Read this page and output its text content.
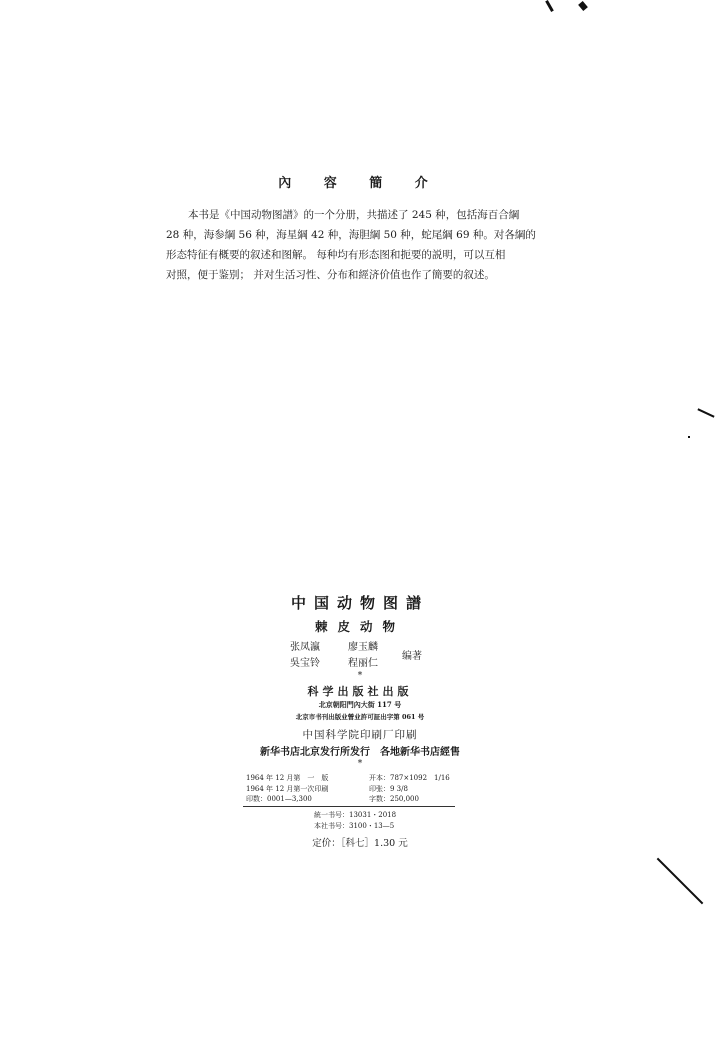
內 容 簡 介
本书是《中国动物图譜》的一个分册，共描述了 245 种，包括海百合綱
28 种，海参綱 56 种，海星綱 42 种，海胆綱 50 种，蛇尾綱 69 种。对各綱的
形态特征有概要的叙述和图解。 每种均有形态图和扼要的説明，可以互相
对照，便于鉴别； 并对生活习性、分布和經济价值也作了簡要的叙述。
中国动物图譜
棘皮动物
张凤瀛	廖玉麟
吳宝铃	程丽仁
编著
*
科学出版社出版
北京朝阳門內大街 117 号
北京市书刊出版业營业許可証出字第 061 号
中国科学院印刷厂印刷
新华书店北京发行所发行　各地新华书店經售
*
1964 年 12 月第　一　版
1964 年 12 月第一次印刷
印数：0001—3,300
开本：787×1092　1/16
印张：9 3/8
字数：250,000
統一书号：13031・2018
本社书号：3100・13—5
定价：［科七］1.30 元
